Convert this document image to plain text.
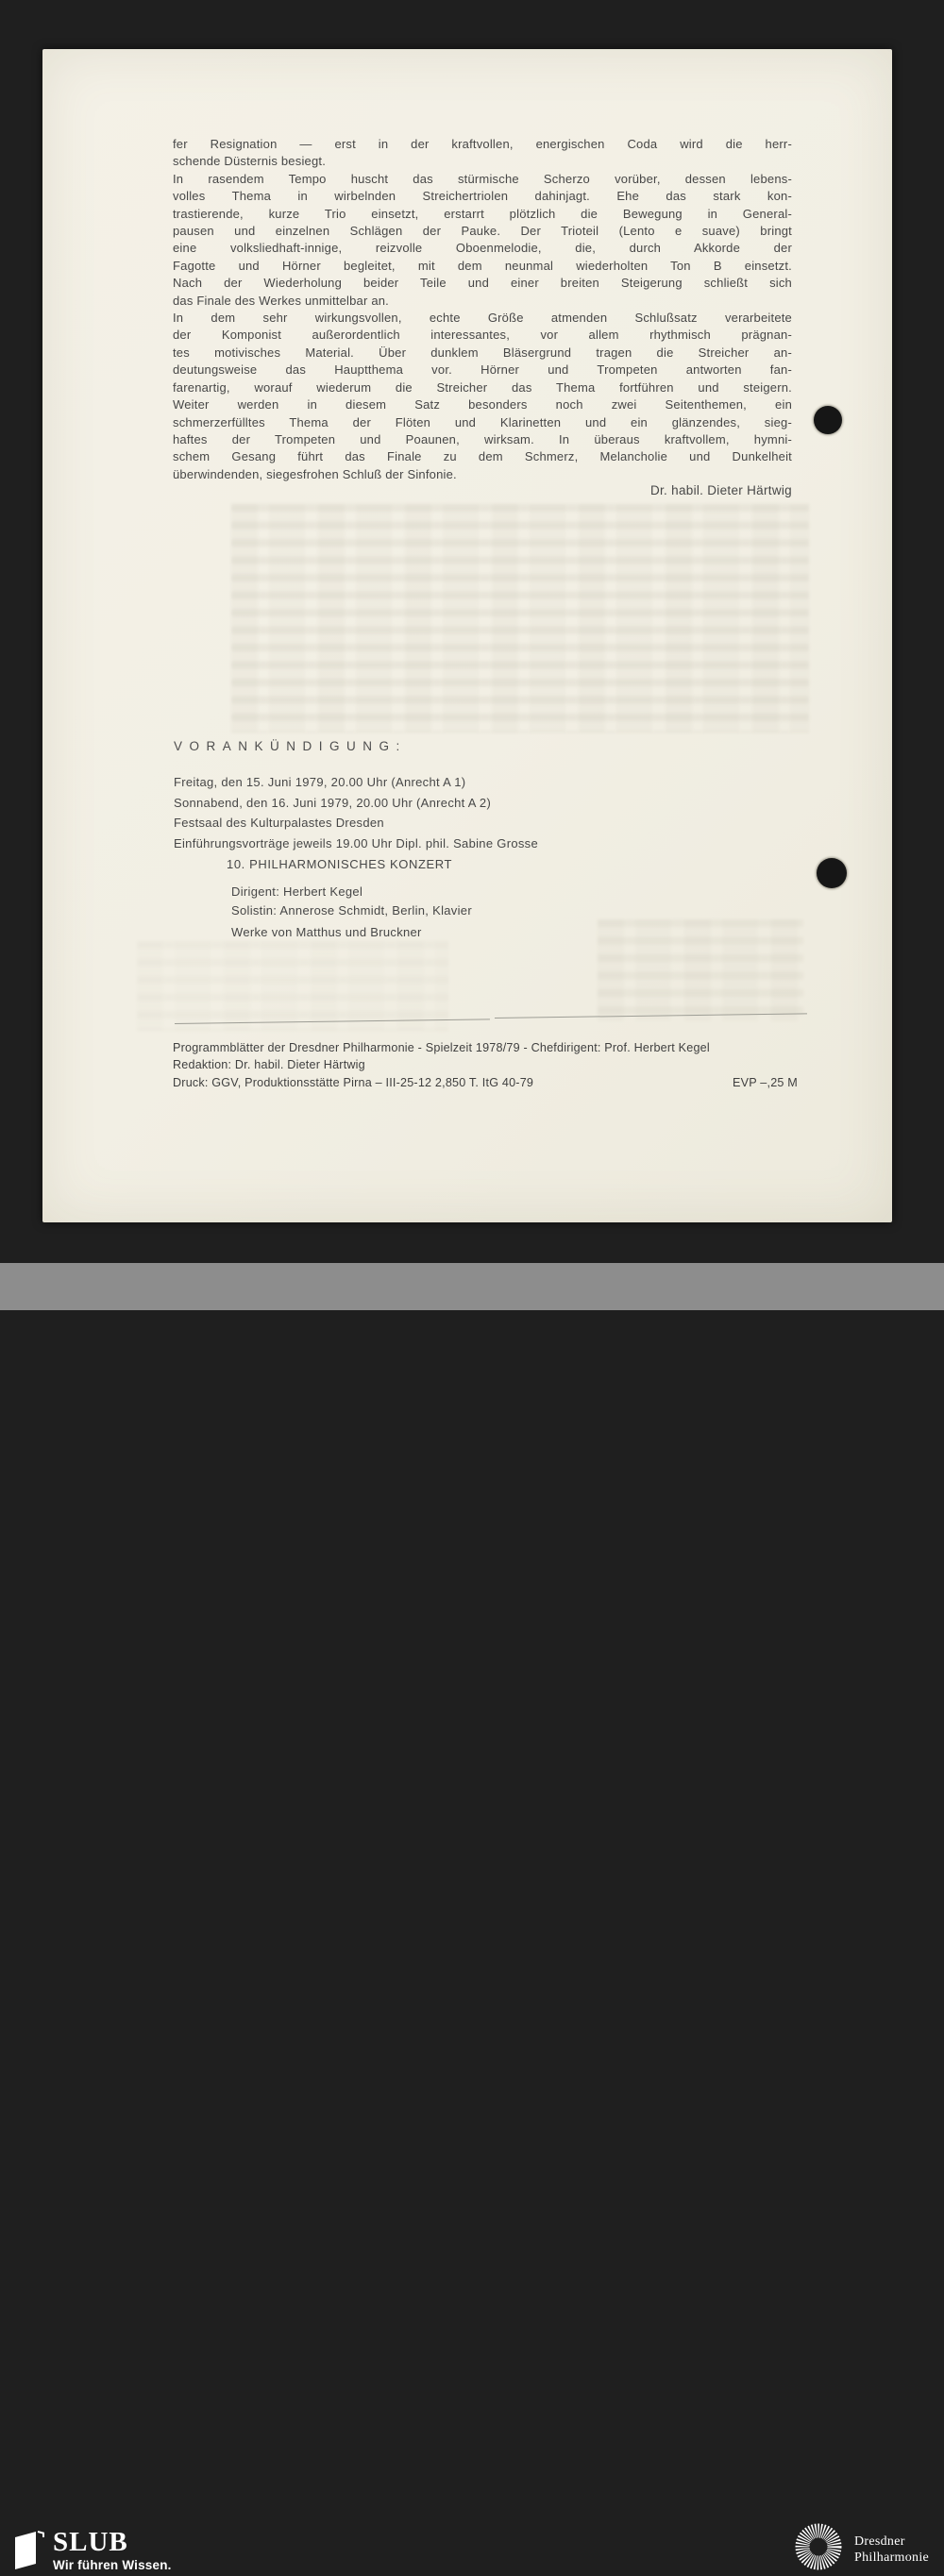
fer Resignation — erst in der kraftvollen, energischen Coda wird die herr-
schende Düsternis besiegt.
In rasendem Tempo huscht das stürmische Scherzo vorüber, dessen lebens-
volles Thema in wirbelnden Streichertriolen dahinjagt. Ehe das stark kon-
trastierende, kurze Trio einsetzt, erstarrt plötzlich die Bewegung in General-
pausen und einzelnen Schlägen der Pauke. Der Trioteil (Lento e suave) bringt
eine volksliedhaft-innige, reizvolle Oboenmelodie, die, durch Akkorde der
Fagotte und Hörner begleitet, mit dem neunmal wiederholten Ton B einsetzt.
Nach der Wiederholung beider Teile und einer breiten Steigerung schließt sich
das Finale des Werkes unmittelbar an.
In dem sehr wirkungsvollen, echte Größe atmenden Schlußsatz verarbeitete
der Komponist außerordentlich interessantes, vor allem rhythmisch prägnan-
tes motivisches Material. Über dunklem Bläsergrund tragen die Streicher an-
deutungsweise das Hauptthema vor. Hörner und Trompeten antworten fan-
farenartig, worauf wiederum die Streicher das Thema fortführen und steigern.
Weiter werden in diesem Satz besonders noch zwei Seitenthemen, ein
schmerzerfülltes Thema der Flöten und Klarinetten und ein glänzendes, sieg-
haftes der Trompeten und Poaunen, wirksam. In überaus kraftvollem, hymni-
schem Gesang führt das Finale zu dem Schmerz, Melancholie und Dunkelheit
überwindenden, siegesfrohen Schluß der Sinfonie.
Dr. habil. Dieter Härtwig
VORANKÜNDIGUNG:
Freitag, den 15. Juni 1979, 20.00 Uhr (Anrecht A 1)
Sonnabend, den 16. Juni 1979, 20.00 Uhr (Anrecht A 2)
Festsaal des Kulturpalastes Dresden
Einführungsvorträge jeweils 19.00 Uhr Dipl. phil. Sabine Grosse
10. PHILHARMONISCHES KONZERT
Dirigent: Herbert Kegel
Solistin: Annerose Schmidt, Berlin, Klavier
Werke von Matthus und Bruckner
Programmblätter der Dresdner Philharmonie - Spielzeit 1978/79 - Chefdirigent: Prof. Herbert Kegel
Redaktion: Dr. habil. Dieter Härtwig
Druck: GGV, Produktionsstätte Pirna – III-25-12 2,850 T. ItG 40-79	EVP –,25 M
SLUB
Wir führen Wissen.
Dresdner
Philharmonie
